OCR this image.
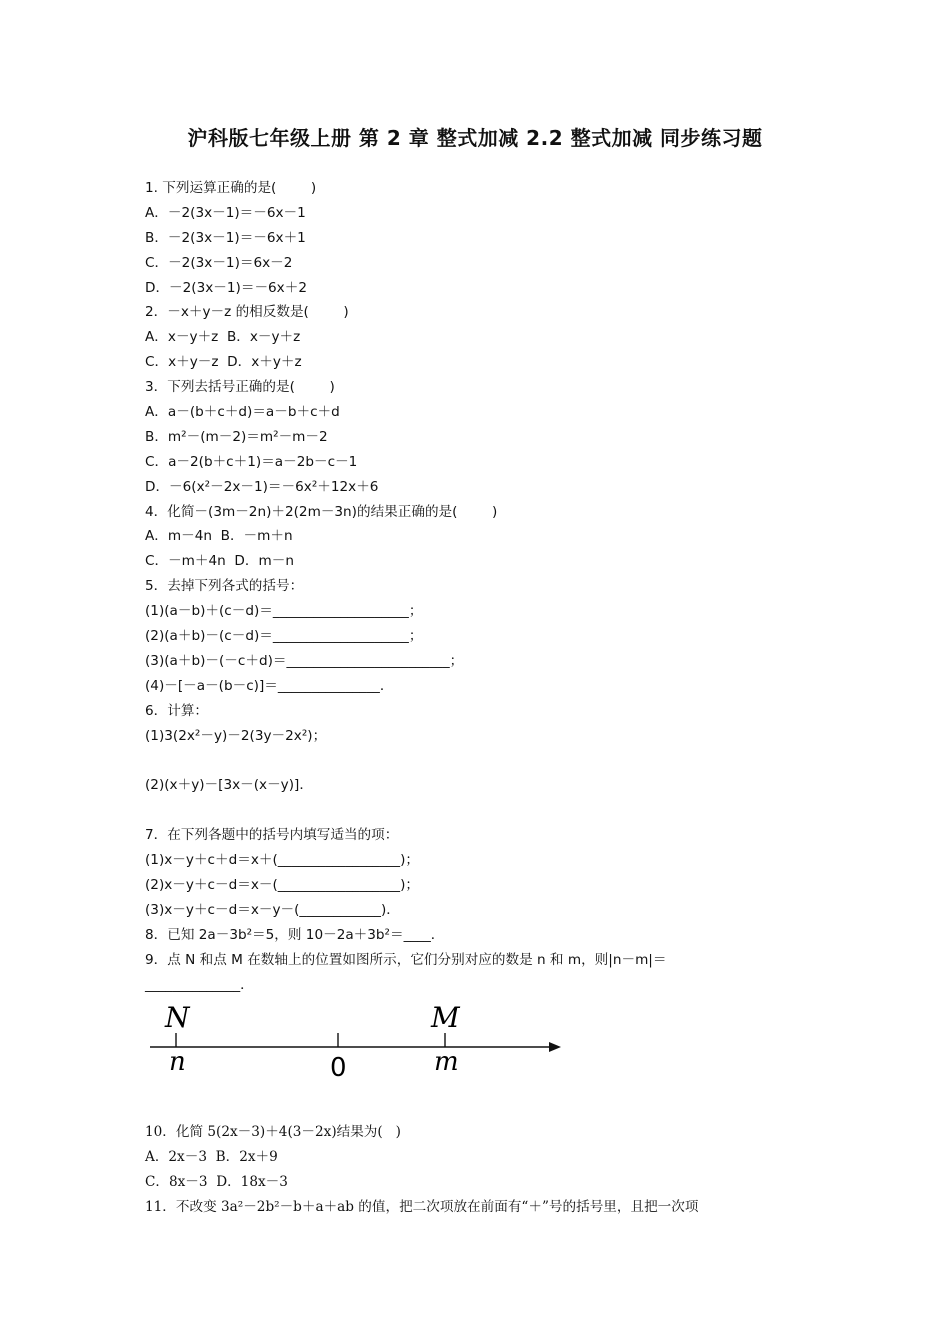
沪科版七年级上册 第 2 章 整式加减 2.2 整式加减 同步练习题
1. 下列运算正确的是(        )
A．－2(3x－1)＝－6x－1
B．－2(3x－1)＝－6x＋1
C．－2(3x－1)＝6x－2
D．－2(3x－1)＝－6x＋2
2．－x＋y－z 的相反数是(        )
A．x－y＋z  B．x－y＋z
C．x＋y－z  D．x＋y＋z
3．下列去括号正确的是(        )
A．a－(b＋c＋d)＝a－b＋c＋d
B．m²－(m－2)＝m²－m－2
C．a－2(b＋c＋1)＝a－2b－c－1
D．－6(x²－2x－1)＝－6x²＋12x＋6
4．化简－(3m－2n)＋2(2m－3n)的结果正确的是(        )
A．m－4n  B．－m＋n
C．－m＋4n  D．m－n
5．去掉下列各式的括号：
(1)(a－b)＋(c－d)＝____________________；
(2)(a＋b)－(c－d)＝____________________；
(3)(a＋b)－(－c＋d)＝________________________；
(4)－[－a－(b－c)]＝_______________．
6．计算：
(1)3(2x²－y)－2(3y－2x²)；
(2)(x＋y)－[3x－(x－y)]．
7．在下列各题中的括号内填写适当的项：
(1)x－y＋c＋d＝x＋(__________________)；
(2)x－y＋c－d＝x－(__________________)；
(3)x－y＋c－d＝x－y－(____________)．
8．已知 2a－3b²＝5，则 10－2a＋3b²＝____．
9．点 N 和点 M 在数轴上的位置如图所示，它们分别对应的数是 n 和 m，则|n－m|＝
______________．
N	M
n	0	m
10．化简 5(2x－3)＋4(3－2x)结果为(   )
A．2x－3  B．2x＋9
C．8x－3  D．18x－3
11．不改变 3a²－2b²－b＋a＋ab 的值，把二次项放在前面有“＋”号的括号里，且把一次项
